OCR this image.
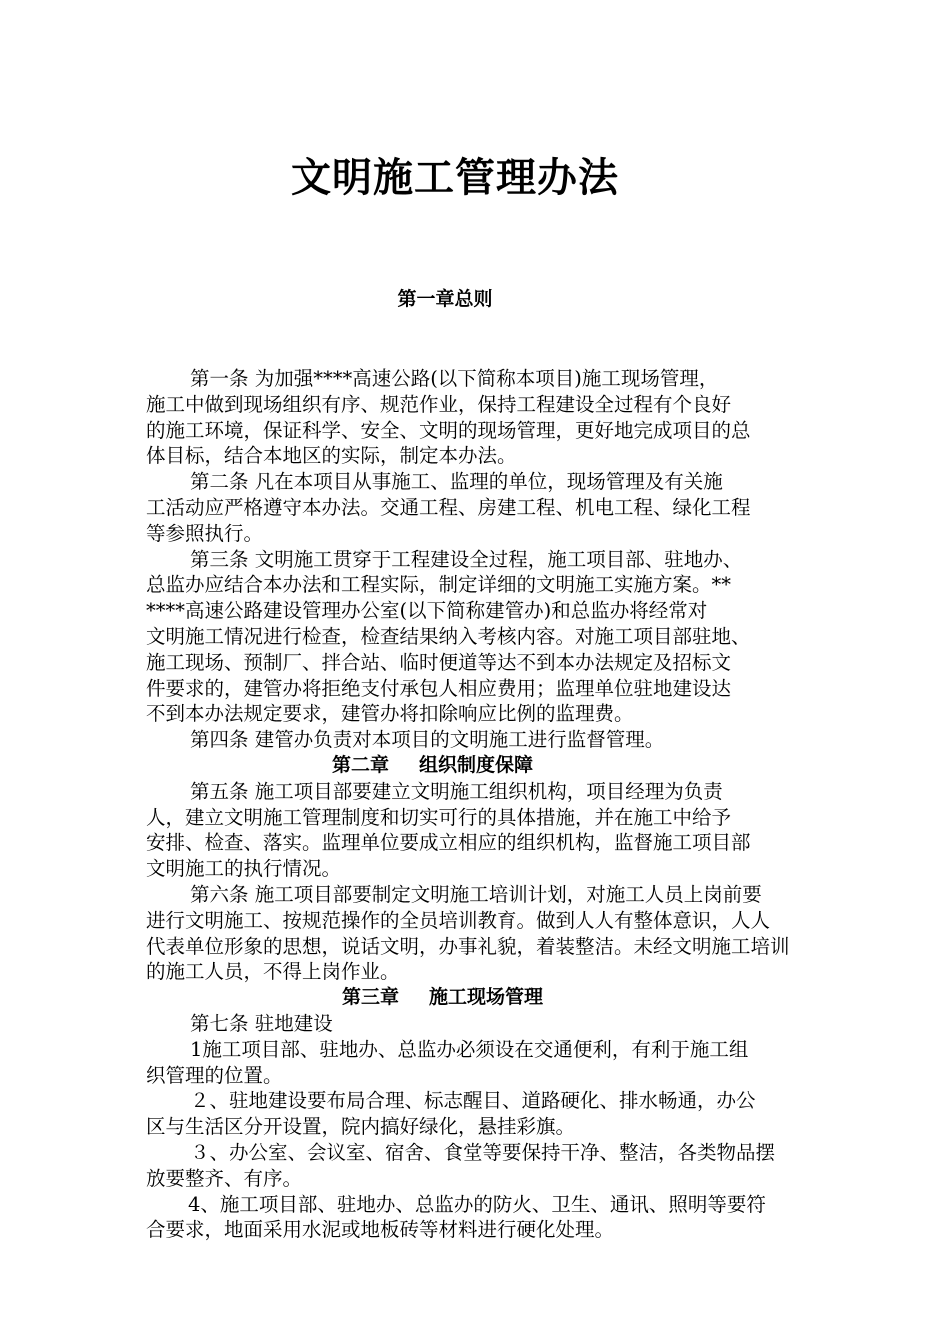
文明施工管理办法
第一章总则
第一条 为加强****高速公路(以下简称本项目)施工现场管理，
施工中做到现场组织有序、规范作业，保持工程建设全过程有个良好
的施工环境，保证科学、安全、文明的现场管理，更好地完成项目的总
体目标，结合本地区的实际，制定本办法。
第二条 凡在本项目从事施工、监理的单位，现场管理及有关施
工活动应严格遵守本办法。交通工程、房建工程、机电工程、绿化工程
等参照执行。
第三条 文明施工贯穿于工程建设全过程，施工项目部、驻地办、
总监办应结合本办法和工程实际，制定详细的文明施工实施方案。**
****高速公路建设管理办公室(以下简称建管办)和总监办将经常对
文明施工情况进行检查，检查结果纳入考核内容。对施工项目部驻地、
施工现场、预制厂、拌合站、临时便道等达不到本办法规定及招标文
件要求的，建管办将拒绝支付承包人相应费用；监理单位驻地建设达
不到本办法规定要求，建管办将扣除响应比例的监理费。
第四条 建管办负责对本项目的文明施工进行监督管理。
第二章 组织制度保障
第五条 施工项目部要建立文明施工组织机构，项目经理为负责
人，建立文明施工管理制度和切实可行的具体措施，并在施工中给予
安排、检查、落实。监理单位要成立相应的组织机构，监督施工项目部
文明施工的执行情况。
第六条 施工项目部要制定文明施工培训计划，对施工人员上岗前要
进行文明施工、按规范操作的全员培训教育。做到人人有整体意识，人人
代表单位形象的思想，说话文明，办事礼貌，着装整洁。未经文明施工培训
的施工人员，不得上岗作业。
第三章 施工现场管理
第七条 驻地建设
1施工项目部、驻地办、总监办必须设在交通便利，有利于施工组
织管理的位置。
２、驻地建设要布局合理、标志醒目、道路硬化、排水畅通，办公
区与生活区分开设置，院内搞好绿化，悬挂彩旗。
３、办公室、会议室、宿舍、食堂等要保持干净、整洁，各类物品摆
放要整齐、有序。
4、施工项目部、驻地办、总监办的防火、卫生、通讯、照明等要符
合要求，地面采用水泥或地板砖等材料进行硬化处理。
